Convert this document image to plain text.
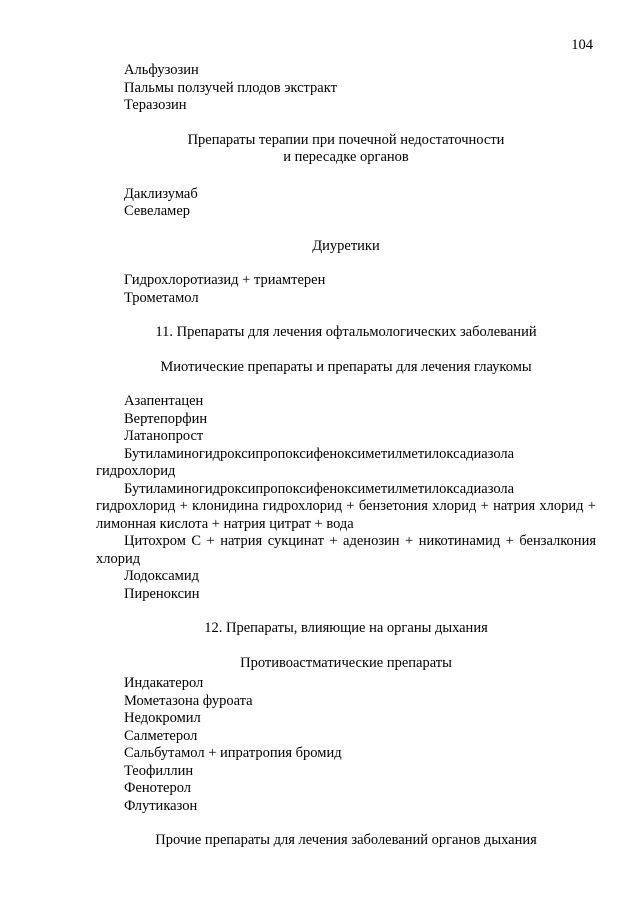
104
Альфузозин
Пальмы ползучей плодов экстракт
Теразозин
Препараты терапии при почечной недостаточности
и пересадке органов
Даклизумаб
Севеламер
Диуретики
Гидрохлоротиазид + триамтерен
Трометамол
11. Препараты для лечения офтальмологических заболеваний
Миотические препараты и препараты для лечения глаукомы
Азапентацен
Вертепорфин
Латанопрост
Бутиламиногидроксипропоксифеноксиметилметилоксадиазола гидрохлорид
Бутиламиногидроксипропоксифеноксиметилметилоксадиазола гидрохлорид + клонидина гидрохлорид + бензетония хлорид + натрия хлорид + лимонная кислота + натрия цитрат + вода
Цитохром С + натрия сукцинат + аденозин + никотинамид + бензалкония хлорид
Лодоксамид
Пиреноксин
12. Препараты, влияющие на органы дыхания
Противоастматические препараты
Индакатерол
Мометазона фуроата
Недокромил
Салметерол
Сальбутамол + ипратропия бромид
Теофиллин
Фенотерол
Флутиказон
Прочие препараты для лечения заболеваний органов дыхания
